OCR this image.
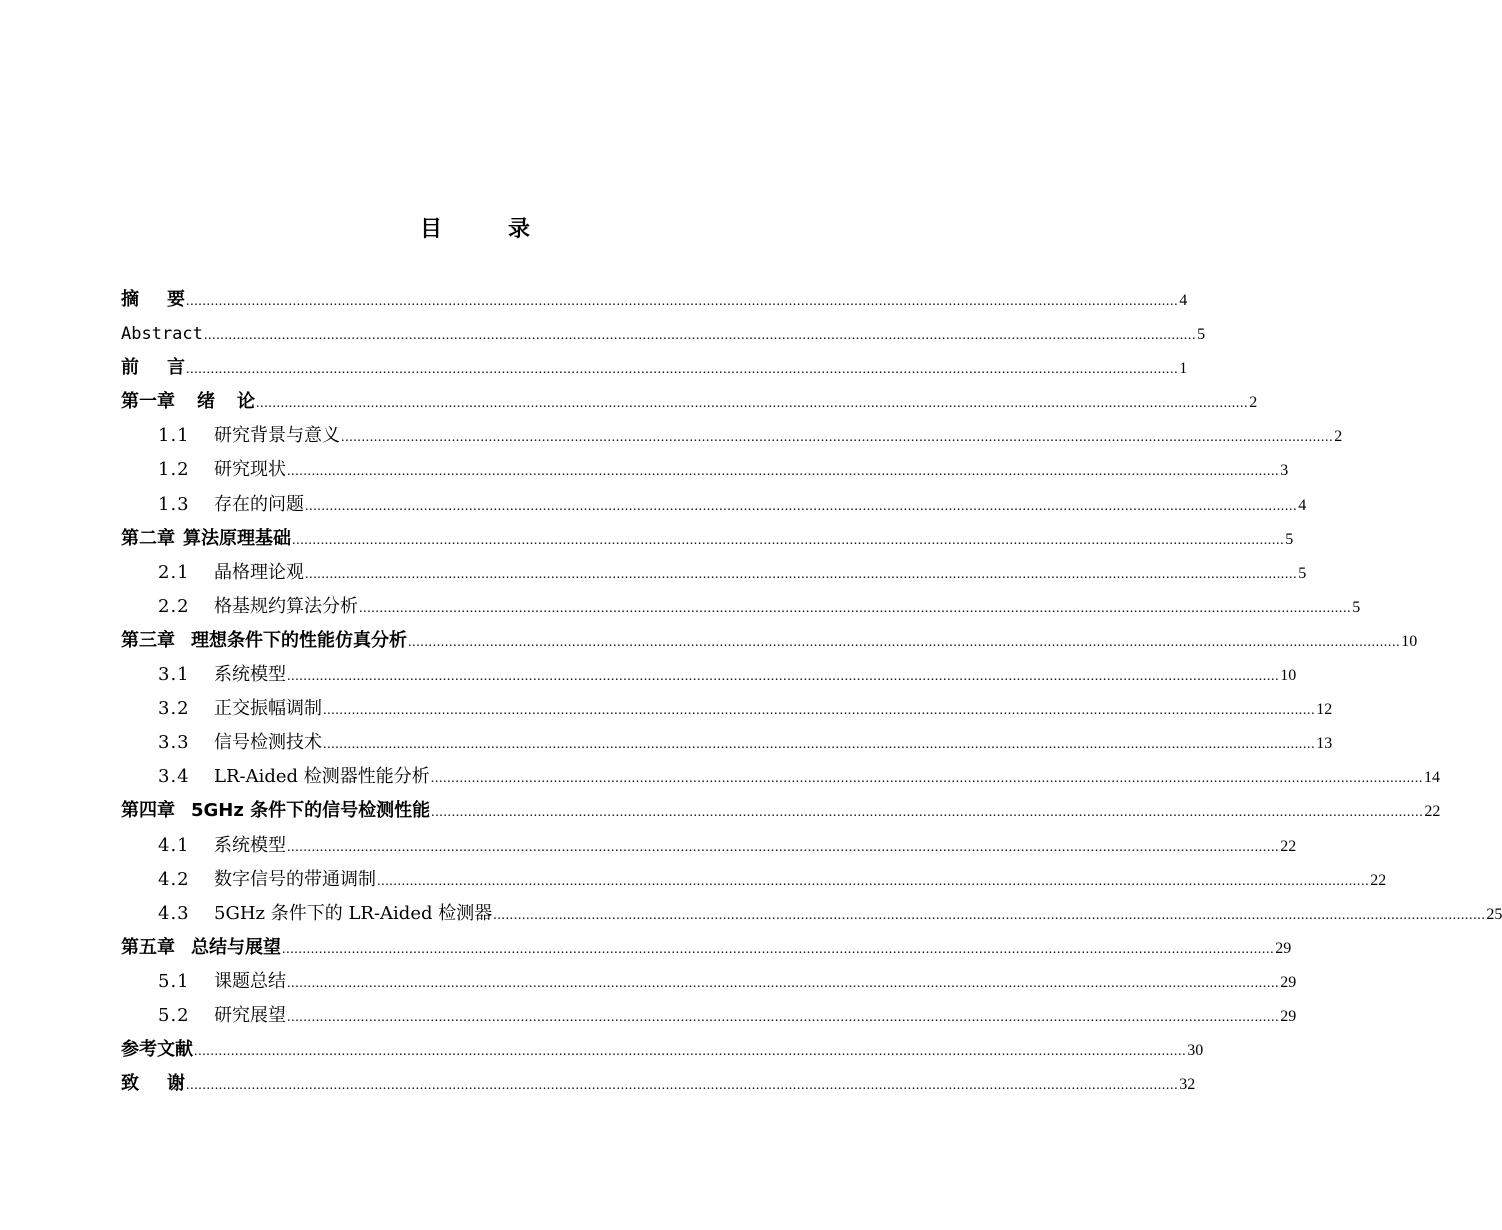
目　录
摘 要 .................................................................................................................................................................................................................................................. 4
Abstract .................................................................................................................................................................................................................................................. 5
前 言 .................................................................................................................................................................................................................................................. 1
第一章 绪 论 .................................................................................................................................................................................................................................................. 2
1.1 研究背景与意义 .................................................................................................................................................................................................................................................. 2
1.2 研究现状 .................................................................................................................................................................................................................................................. 3
1.3 存在的问题 .................................................................................................................................................................................................................................................. 4
第二章 算法原理基础 .................................................................................................................................................................................................................................................. 5
2.1 晶格理论观 .................................................................................................................................................................................................................................................. 5
2.2 格基规约算法分析 .................................................................................................................................................................................................................................................. 5
第三章 理想条件下的性能仿真分析 .................................................................................................................................................................................................................................................. 10
3.1 系统模型 .................................................................................................................................................................................................................................................. 10
3.2 正交振幅调制 .................................................................................................................................................................................................................................................. 12
3.3 信号检测技术 .................................................................................................................................................................................................................................................. 13
3.4 LR-Aided 检测器性能分析 .................................................................................................................................................................................................................................................. 14
第四章 5GHz 条件下的信号检测性能 .................................................................................................................................................................................................................................................. 22
4.1 系统模型 .................................................................................................................................................................................................................................................. 22
4.2 数字信号的带通调制 .................................................................................................................................................................................................................................................. 22
4.3 5GHz 条件下的 LR-Aided 检测器 .................................................................................................................................................................................................................................................. 25
第五章 总结与展望 .................................................................................................................................................................................................................................................. 29
5.1 课题总结 .................................................................................................................................................................................................................................................. 29
5.2 研究展望 .................................................................................................................................................................................................................................................. 29
参考文献 .................................................................................................................................................................................................................................................. 30
致 谢 .................................................................................................................................................................................................................................................. 32
